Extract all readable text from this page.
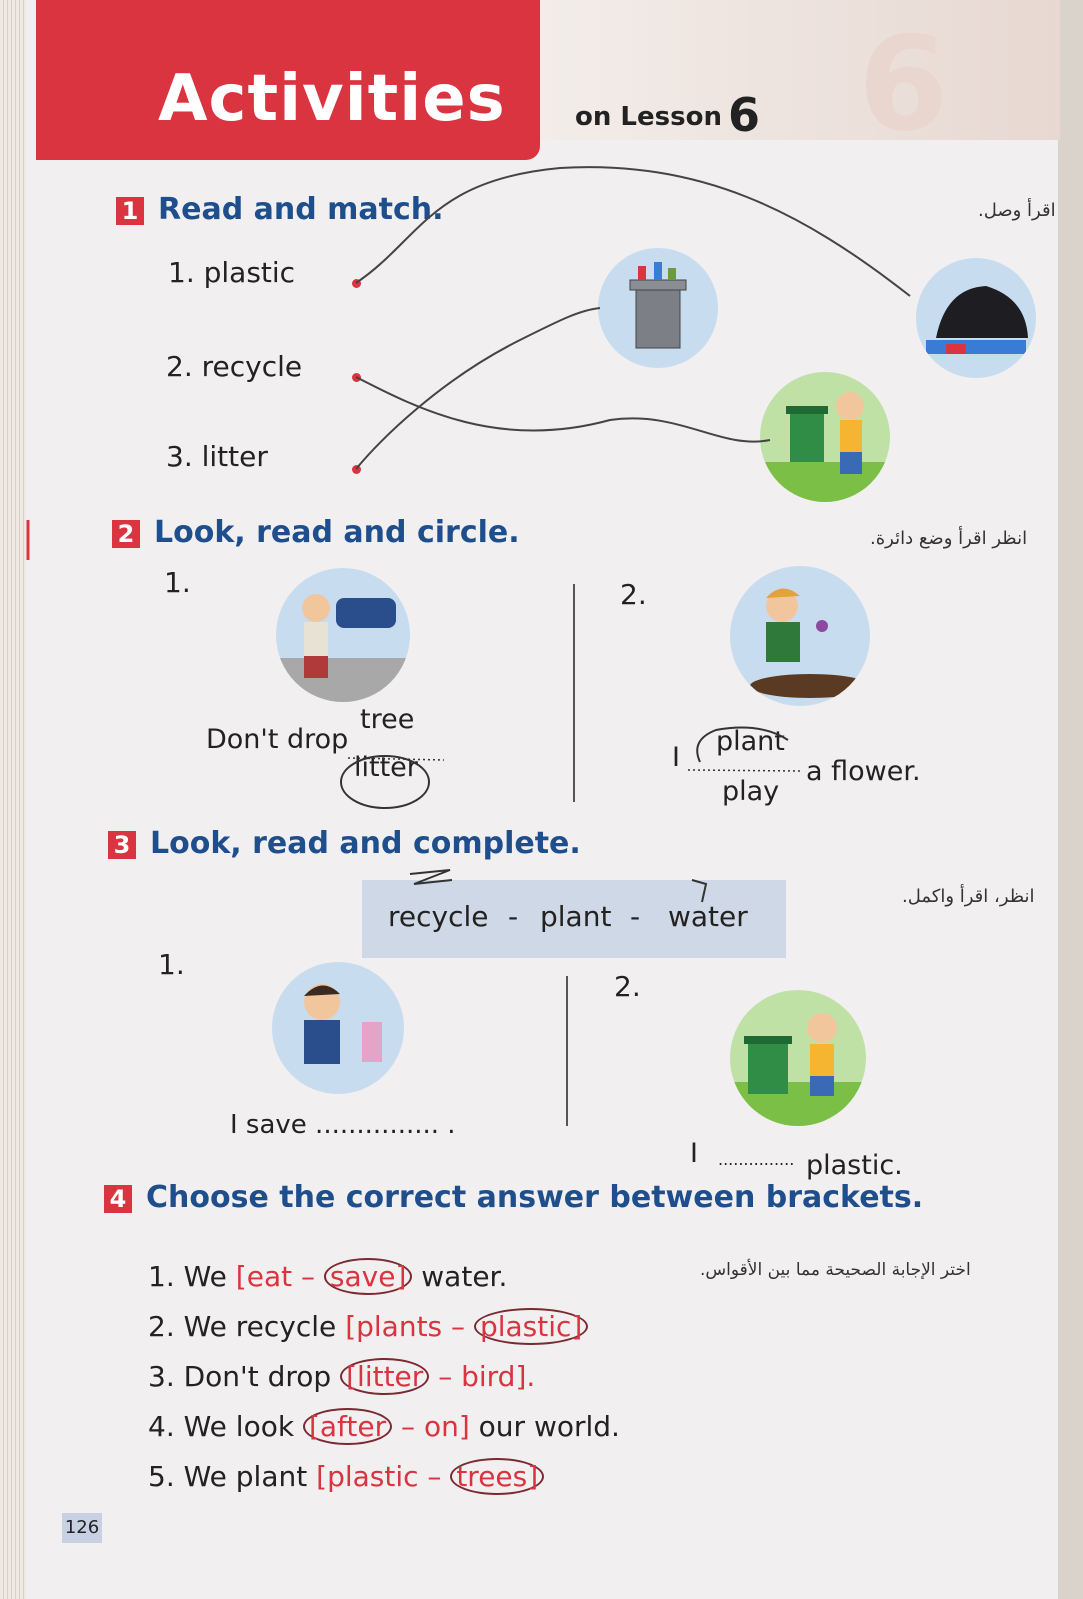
6
Activities	on Lesson 6
1 Read and match.	اقرأ وصل.
1. plastic
2. recycle
3. litter
2 Look, read and circle.	انظر اقرأ وضع دائرة.
1.
Don't drop
tree
litter
2.
I
plant
play
a flower.
3 Look, read and complete.
انظر، اقرأ واكمل.
recycle - plant - water
1.
I save ............... .
2.
I ............... plastic.
4 Choose the correct answer between brackets.
اختر الإجابة الصحيحة مما بين الأقواس.
1. We [eat – save] water.
2. We recycle [plants – plastic]
3. Don't drop [litter – bird].
4. We look [after – on] our world.
5. We plant [plastic – trees]
126
